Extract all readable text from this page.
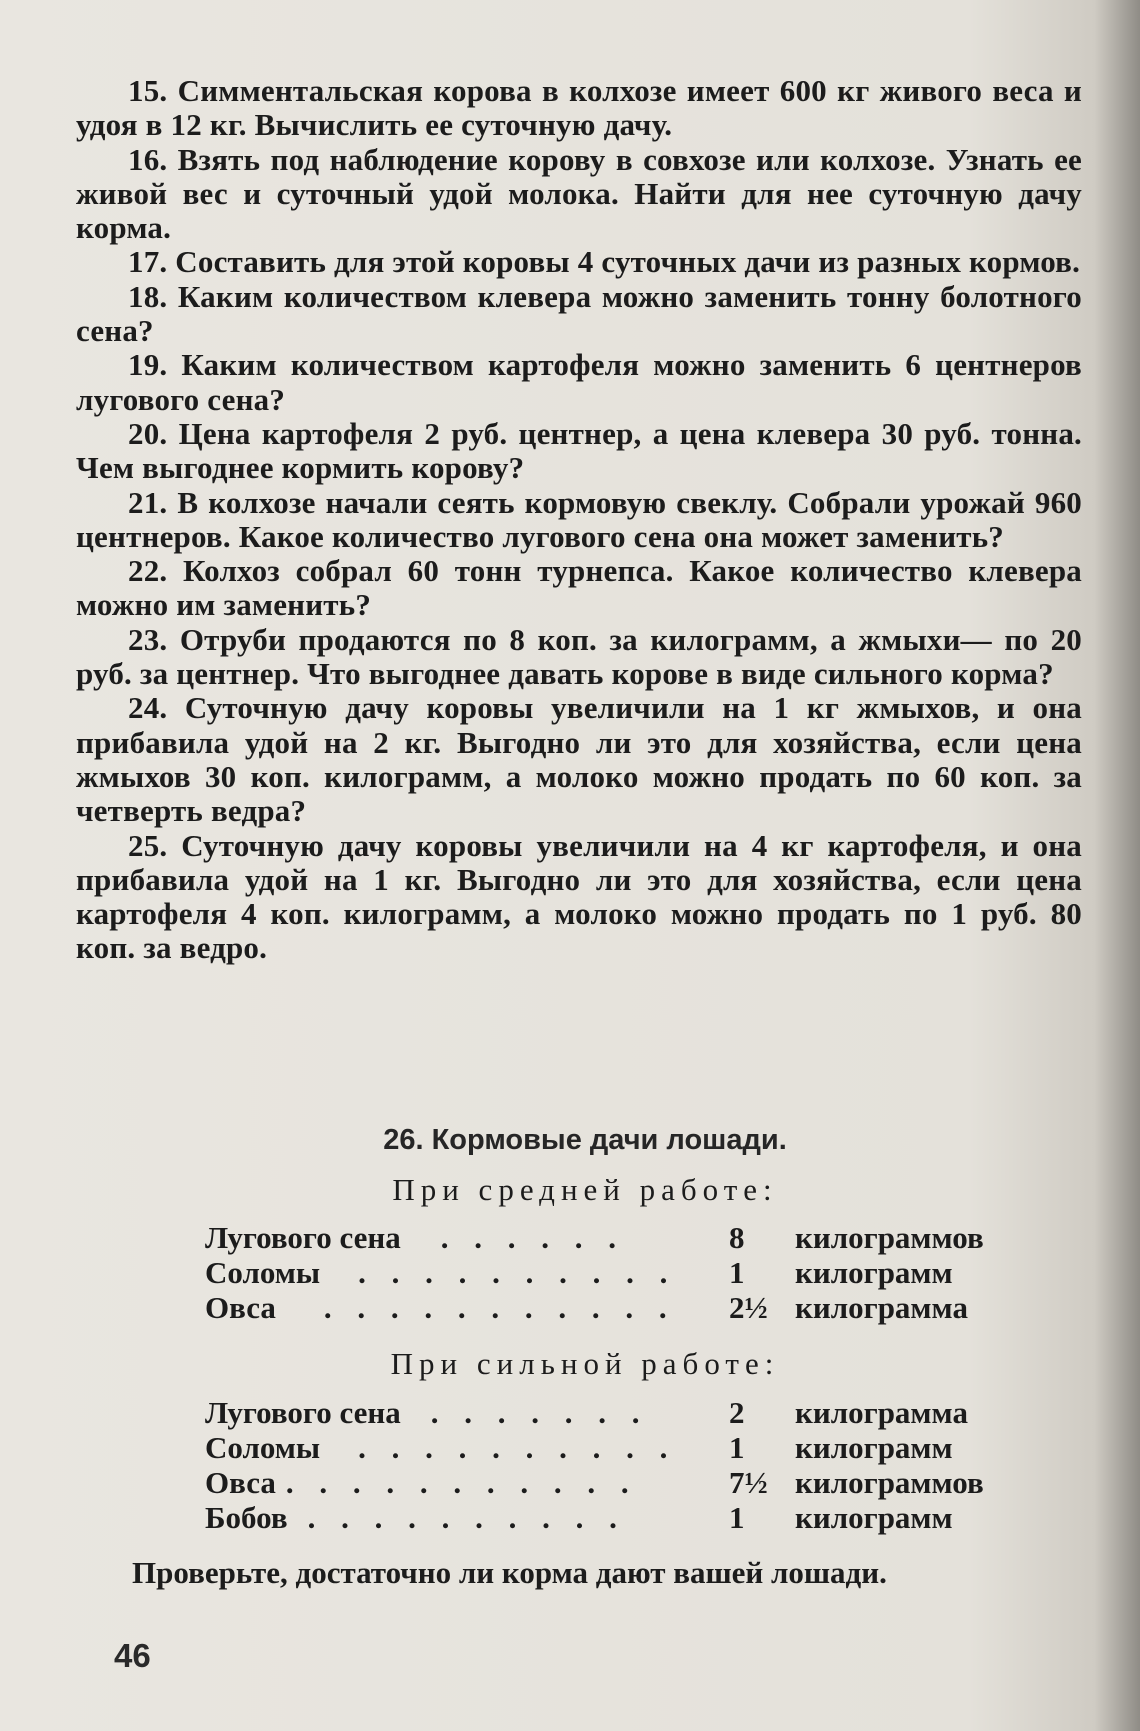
15. Симментальская корова в колхозе имеет 600 кг живого веса и удоя в 12 кг. Вычислить ее суточную дачу.

16. Взять под наблюдение корову в совхозе или колхозе. Узнать ее живой вес и суточный удой молока. Найти для нее суточную дачу корма.

17. Составить для этой коровы 4 суточных дачи из разных кормов.

18. Каким количеством клевера можно заменить тонну болотного сена?

19. Каким количеством картофеля можно заменить 6 центнеров лугового сена?

20. Цена картофеля 2 руб. центнер, а цена клевера 30 руб. тонна. Чем выгоднее кормить корову?

21. В колхозе начали сеять кормовую свеклу. Собрали урожай 960 центнеров. Какое количество лугового сена она может заменить?

22. Колхоз собрал 60 тонн турнепса. Какое количество клевера можно им заменить?

23. Отруби продаются по 8 коп. за килограмм, а жмыхи— по 20 руб. за центнер. Что выгоднее давать корове в виде сильного корма?

24. Суточную дачу коровы увеличили на 1 кг жмыхов, и она прибавила удой на 2 кг. Выгодно ли это для хозяйства, если цена жмыхов 30 коп. килограмм, а молоко можно продать по 60 коп. за четверть ведра?

25. Суточную дачу коровы увеличили на 4 кг картофеля, и она прибавила удой на 1 кг. Выгодно ли это для хозяйства, если цена картофеля 4 коп. килограмм, а молоко можно продать по 1 руб. 80 коп. за ведро.

26. Кормовые дачи лошади.
При средней работе:
Лугового сена . . . . . .	8 килограммов
Соломы . . . . . . . . . . 1 килограмм
Овса . . . . . . . . . . . 2½ килограмма
При сильной работе:
Лугового сена . . . . . . .	2 килограмма
Соломы . . . . . . . . . . 1 килограмм
Овса . . . . . . . . . . .	7½ килограммов
Бобов . . . . . . . . . .	1 килограмм
Проверьте, достаточно ли корма дают вашей лошади.
46
